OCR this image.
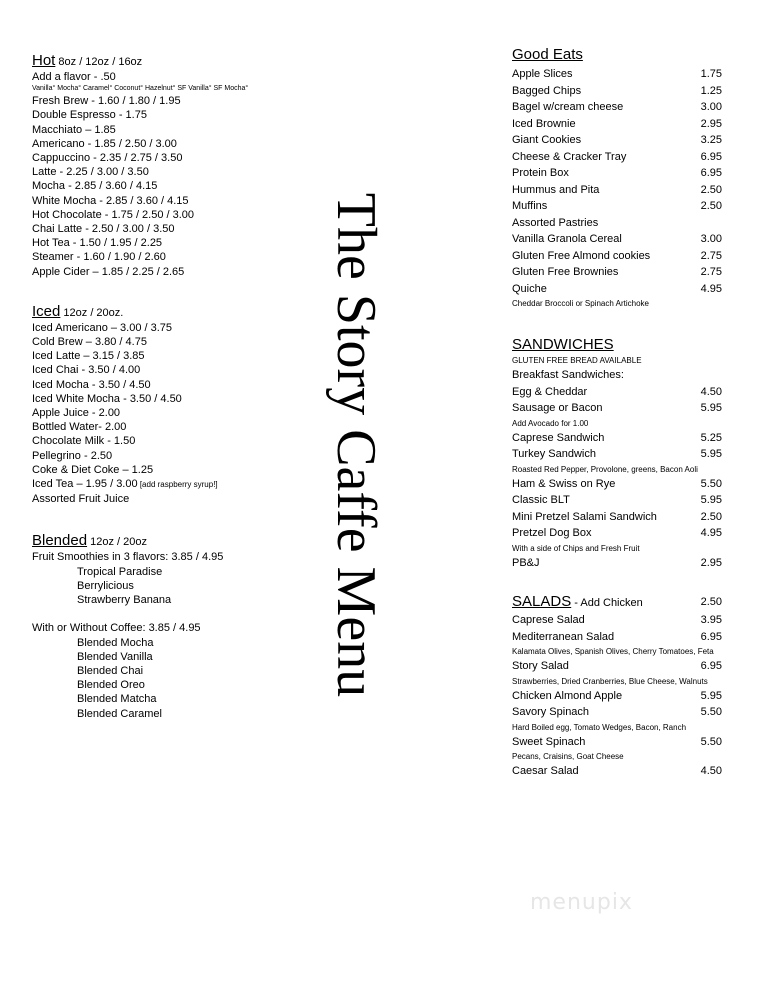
Hot 8oz / 12oz / 16oz
Add a flavor - .50
Vanilla° Mocha° Caramel° Coconut° Hazelnut° SF Vanilla° SF Mocha°
Fresh Brew - 1.60 / 1.80 / 1.95
Double Espresso - 1.75
Macchiato – 1.85
Americano - 1.85 / 2.50 / 3.00
Cappuccino - 2.35 / 2.75 / 3.50
Latte - 2.25 / 3.00 / 3.50
Mocha - 2.85 / 3.60 / 4.15
White Mocha - 2.85 / 3.60 / 4.15
Hot Chocolate - 1.75 / 2.50 / 3.00
Chai Latte - 2.50 / 3.00 / 3.50
Hot Tea - 1.50 / 1.95 / 2.25
Steamer - 1.60 / 1.90 / 2.60
Apple Cider – 1.85 / 2.25 / 2.65
Iced 12oz / 20oz.
Iced Americano – 3.00 / 3.75
Cold Brew – 3.80 / 4.75
Iced Latte – 3.15 / 3.85
Iced Chai - 3.50 / 4.00
Iced Mocha - 3.50 / 4.50
Iced White Mocha - 3.50 / 4.50
Apple Juice - 2.00
Bottled Water- 2.00
Chocolate Milk - 1.50
Pellegrino - 2.50
Coke & Diet Coke – 1.25
Iced Tea – 1.95 / 3.00 [add raspberry syrup!]
Assorted Fruit Juice
Blended 12oz / 20oz
Fruit Smoothies in 3 flavors: 3.85 / 4.95
Tropical Paradise
Berrylicious
Strawberry Banana
With or Without Coffee: 3.85 / 4.95
Blended Mocha
Blended Vanilla
Blended Chai
Blended Oreo
Blended Matcha
Blended Caramel
The Story Caffe Menu
Good Eats
Apple Slices	1.75
Bagged Chips	1.25
Bagel w/cream cheese	3.00
Iced Brownie	2.95
Giant Cookies	3.25
Cheese & Cracker Tray	6.95
Protein Box	6.95
Hummus and Pita	2.50
Muffins	2.50
Assorted Pastries
Vanilla Granola Cereal	3.00
Gluten Free Almond cookies	2.75
Gluten Free Brownies	2.75
Quiche	4.95
Cheddar Broccoli or Spinach Artichoke
SANDWICHES
GLUTEN FREE BREAD AVAILABLE
Breakfast Sandwiches:
Egg & Cheddar	4.50
Sausage or Bacon	5.95
Add Avocado for 1.00
Caprese Sandwich	5.25
Turkey Sandwich	5.95
Roasted Red Pepper, Provolone, greens, Bacon Aoli
Ham & Swiss on Rye	5.50
Classic BLT	5.95
Mini Pretzel Salami Sandwich	2.50
Pretzel Dog Box	4.95
With a side of Chips and Fresh Fruit
PB&J	2.95
SALADS - Add Chicken	2.50
Caprese Salad	3.95
Mediterranean Salad	6.95
Kalamata Olives, Spanish Olives, Cherry Tomatoes, Feta
Story Salad	6.95
Strawberries, Dried Cranberries, Blue Cheese, Walnuts
Chicken Almond Apple	5.95
Savory Spinach	5.50
Hard Boiled egg, Tomato Wedges, Bacon, Ranch
Sweet Spinach	5.50
Pecans, Craisins, Goat Cheese
Caesar Salad	4.50
menupix
